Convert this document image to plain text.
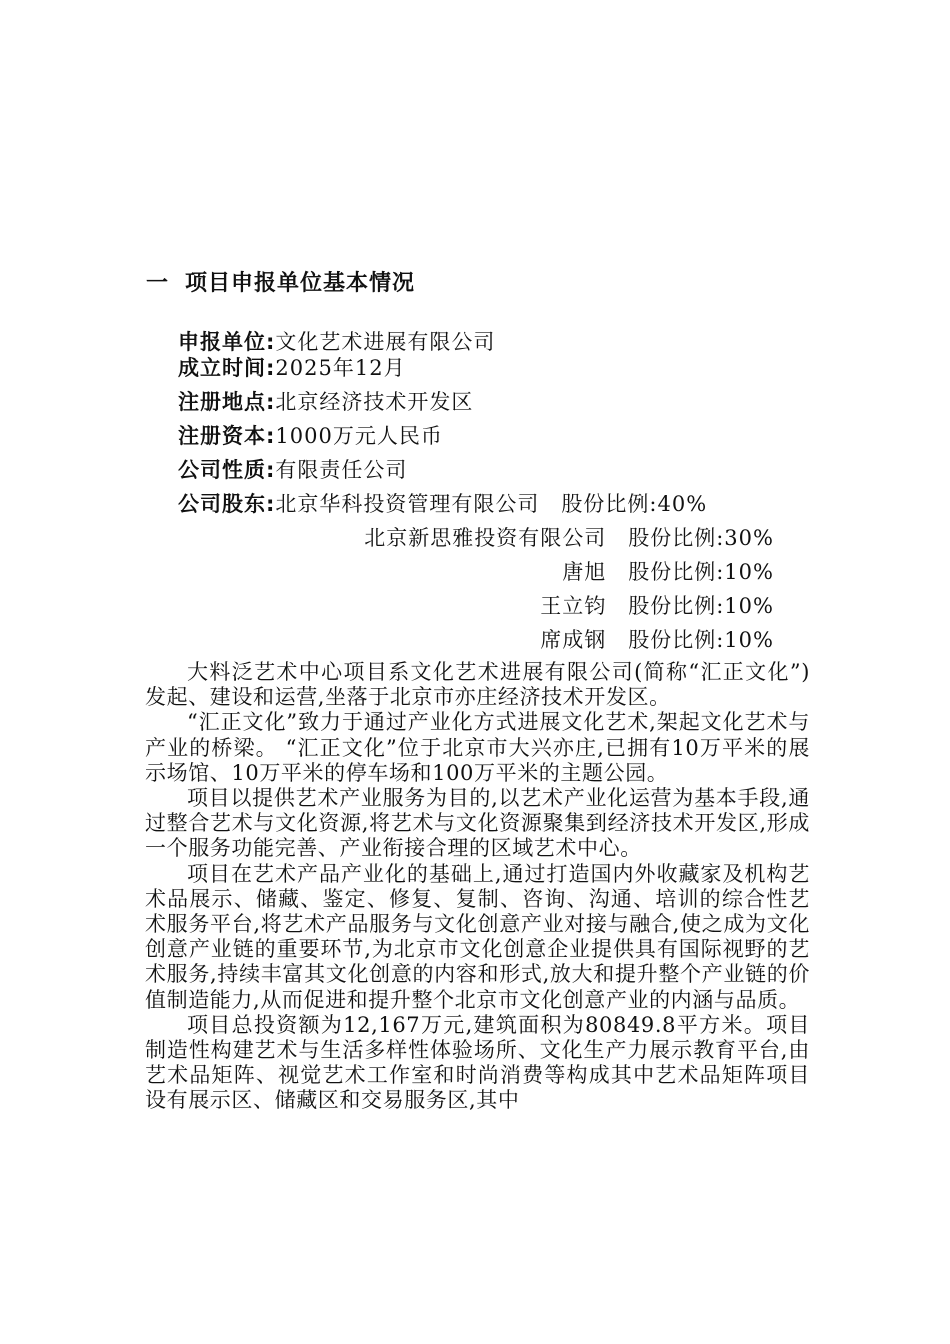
一 项目申报单位基本情况
申报单位:文化艺术进展有限公司
成立时间:2025年12月
注册地点:北京经济技术开发区
注册资本:1000万元人民币
公司性质:有限责任公司
公司股东:北京华科投资管理有限公司 股份比例:40%
北京新思雅投资有限公司 股份比例:30%
唐旭 股份比例:10%
王立钧 股份比例:10%
席成钢 股份比例:10%

大料泛艺术中心项目系文化艺术进展有限公司(简称“汇正文化”)发起、建设和运营,坐落于北京市亦庄经济技术开发区。

“汇正文化”致力于通过产业化方式进展文化艺术,架起文化艺术与产业的桥梁。 “汇正文化”位于北京市大兴亦庄,已拥有10万平米的展示场馆、10万平米的停车场和100万平米的主题公园。

项目以提供艺术产业服务为目的,以艺术产业化运营为基本手段,通过整合艺术与文化资源,将艺术与文化资源聚集到经济技术开发区,形成一个服务功能完善、产业衔接合理的区域艺术中心。

项目在艺术产品产业化的基础上,通过打造国内外收藏家及机构艺术品展示、储藏、鉴定、修复、复制、咨询、沟通、培训的综合性艺术服务平台,将艺术产品服务与文化创意产业对接与融合,使之成为文化创意产业链的重要环节,为北京市文化创意企业提供具有国际视野的艺术服务,持续丰富其文化创意的内容和形式,放大和提升整个产业链的价值制造能力,从而促进和提升整个北京市文化创意产业的内涵与品质。

项目总投资额为12,167万元,建筑面积为80849.8平方米。项目制造性构建艺术与生活多样性体验场所、文化生产力展示教育平台,由艺术品矩阵、视觉艺术工作室和时尚消费等构成其中艺术品矩阵项目设有展示区、储藏区和交易服务区,其中
